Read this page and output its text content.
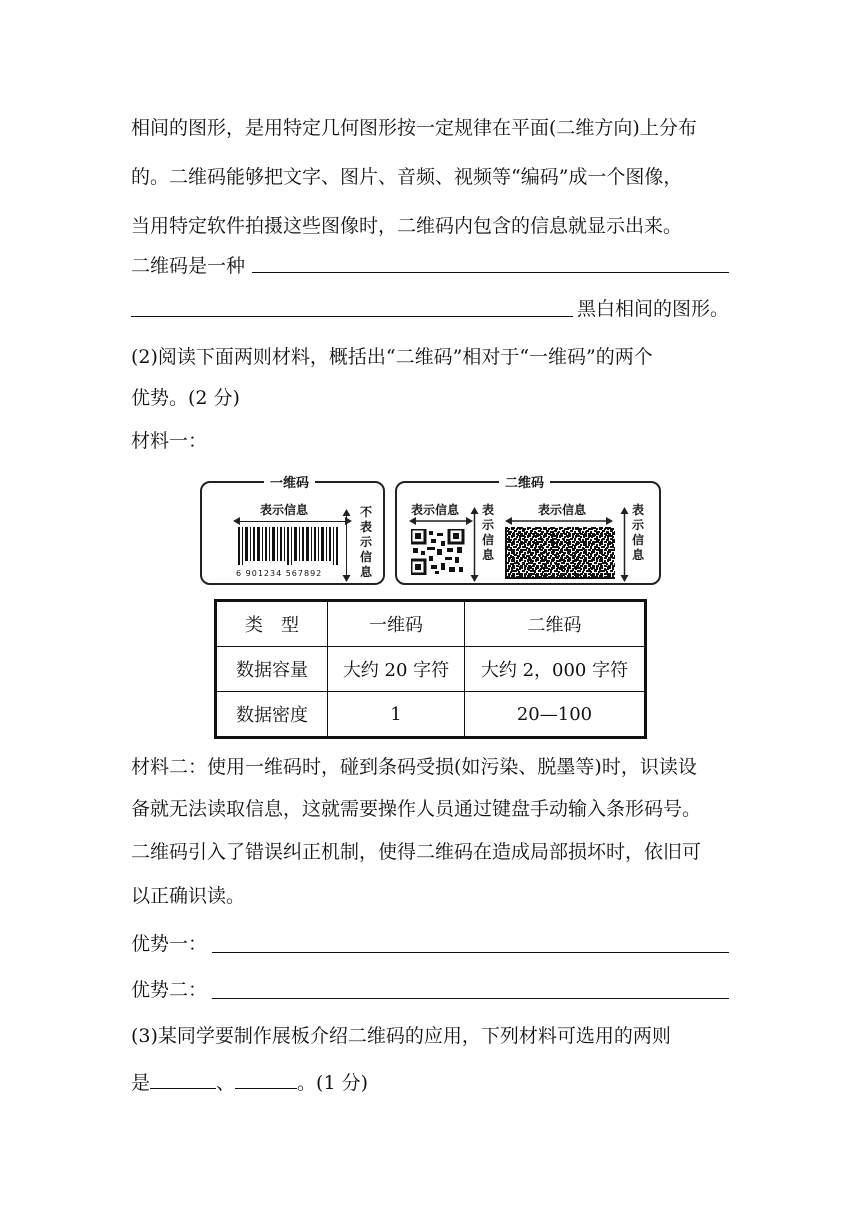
相间的图形，是用特定几何图形按一定规律在平面(二维方向)上分布
的。二维码能够把文字、图片、音频、视频等“编码”成一个图像，
当用特定软件拍摄这些图像时，二维码内包含的信息就显示出来。
二维码是一种
黑白相间的图形。
(2)阅读下面两则材料，概括出“二维码”相对于“一维码”的两个
优势。(2 分)
材料一：
一维码
表示信息
6 901234 567892
不表示信息
二维码
表示信息 表示信息
表示信息	表示信息
类　型	一维码	二维码
数据容量	大约 20 字符	大约 2，000 字符
数据密度	1	20—100
材料二：使用一维码时，碰到条码受损(如污染、脱墨等)时，识读设
备就无法读取信息，这就需要操作人员通过键盘手动输入条形码号。
二维码引入了错误纠正机制，使得二维码在造成局部损坏时，依旧可
以正确识读。
优势一：
优势二：
(3)某同学要制作展板介绍二维码的应用，下列材料可选用的两则
是	、	。(1 分)
